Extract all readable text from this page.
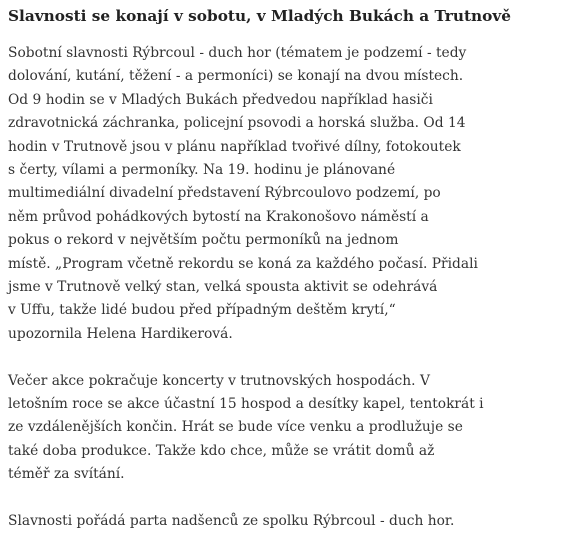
Slavnosti se konají v sobotu, v Mladých Bukách a Trutnově

Sobotní slavnosti Rýbrcoul - duch hor (tématem je podzemí - tedy
dolování, kutání, těžení - a permoníci) se konají na dvou místech.
Od 9 hodin se v Mladých Bukách předvedou například hasiči
zdravotnická záchranka, policejní psovodi a horská služba. Od 14
hodin v Trutnově jsou v plánu například tvořivé dílny, fotokoutek
s čerty, vílami a permoníky. Na 19. hodinu je plánované
multimediální divadelní představení Rýbrcoulovo podzemí, po
něm průvod pohádkových bytostí na Krakonošovo náměstí a
pokus o rekord v největším počtu permoníků na jednom
místě. „Program včetně rekordu se koná za každého počasí. Přidali
jsme v Trutnově velký stan, velká spousta aktivit se odehrává
v Uffu, takže lidé budou před případným deštěm krytí,“
upozornila Helena Hardikerová.

Večer akce pokračuje koncerty v trutnovských hospodách. V
letošním roce se akce účastní 15 hospod a desítky kapel, tentokrát i
ze vzdálenějších končin. Hrát se bude více venku a prodlužuje se
také doba produkce. Takže kdo chce, může se vrátit domů až
téměř za svítání.

Slavnosti pořádá parta nadšenců ze spolku Rýbrcoul - duch hor.
